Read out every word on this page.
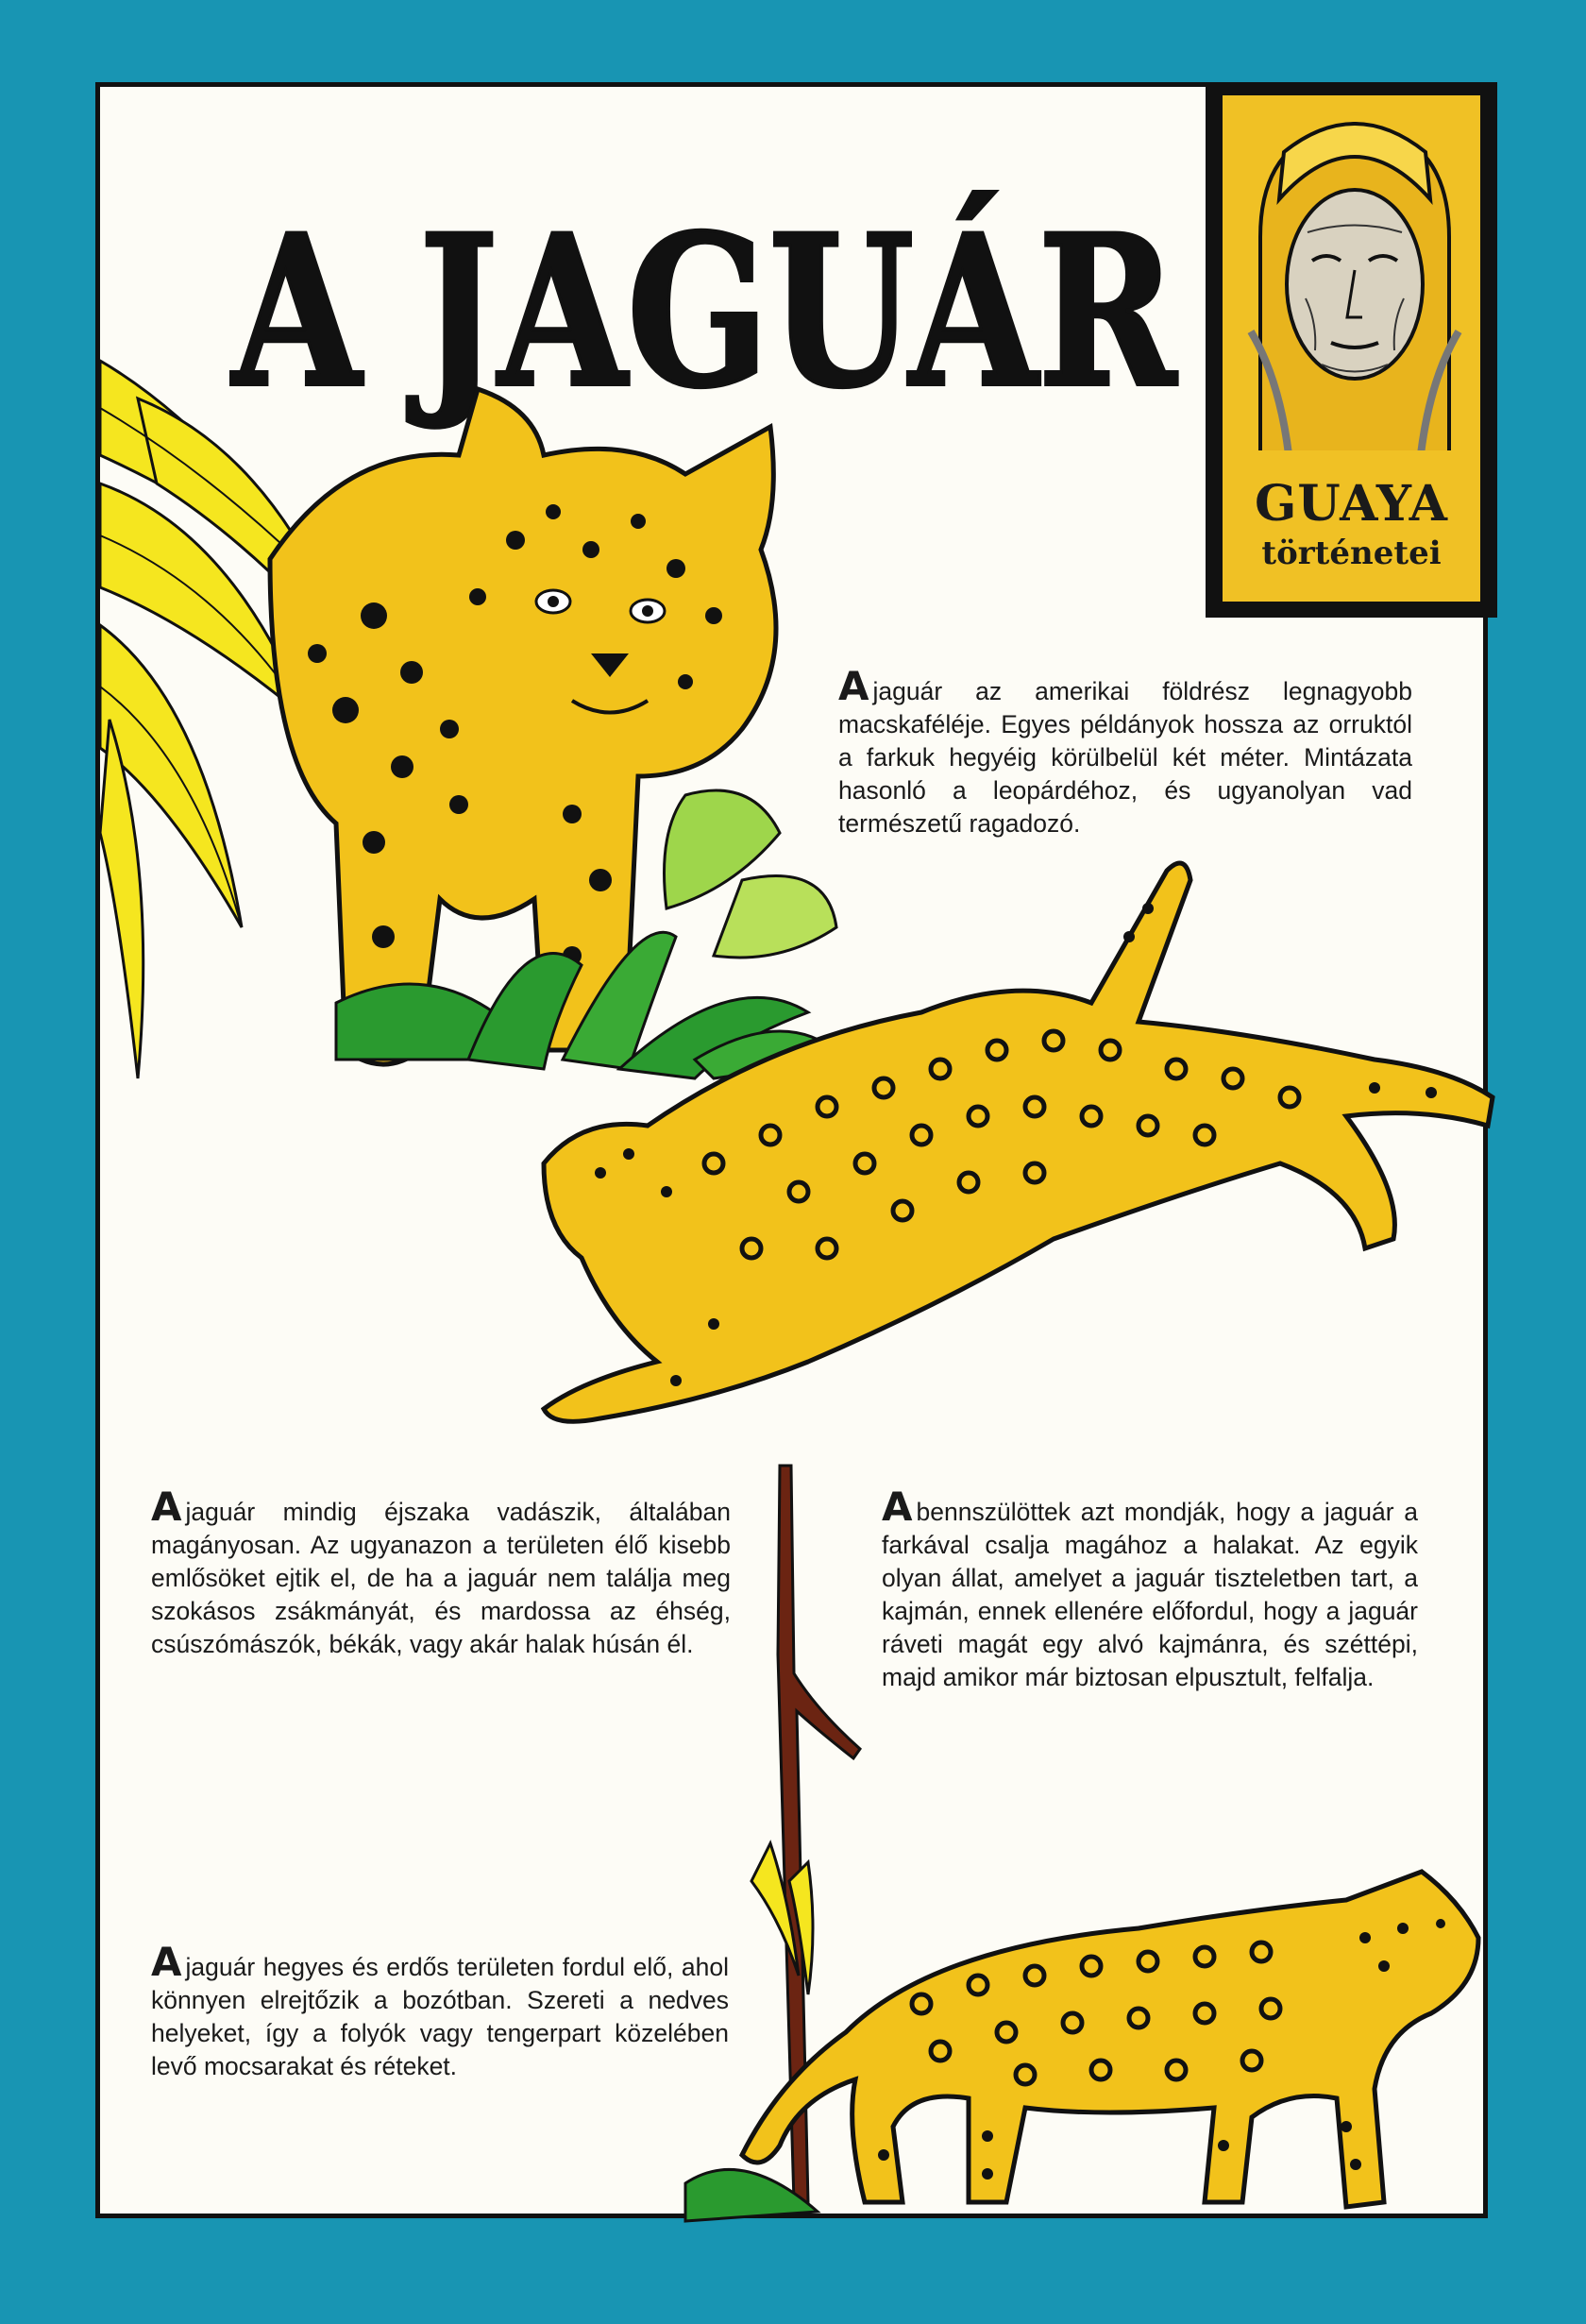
A JAGUÁR
GUAYA
történetei

Ajaguár az amerikai földrész legnagyobb macskaféléje. Egyes példányok hossza az orruktól a farkuk hegyéig körülbelül két méter. Mintázata hasonló a leopárdéhoz, és ugyanolyan vad természetű ragadozó.

Ajaguár mindig éjszaka vadászik, általában magányosan. Az ugyanazon a területen élő kisebb emlősöket ejtik el, de ha a jaguár nem találja meg szokásos zsákmányát, és mardossa az éhség, csúszómászók, békák, vagy akár halak húsán él.

Abennszülöttek azt mondják, hogy a jaguár a farkával csalja magához a halakat. Az egyik olyan állat, amelyet a jaguár tiszteletben tart, a kajmán, ennek ellenére előfordul, hogy a jaguár ráveti magát egy alvó kajmánra, és széttépi, majd amikor már biztosan elpusztult, felfalja.

Ajaguár hegyes és erdős területen fordul elő, ahol könnyen elrejtőzik a bozótban. Szereti a nedves helyeket, így a folyók vagy tengerpart közelében levő mocsarakat és réteket.
